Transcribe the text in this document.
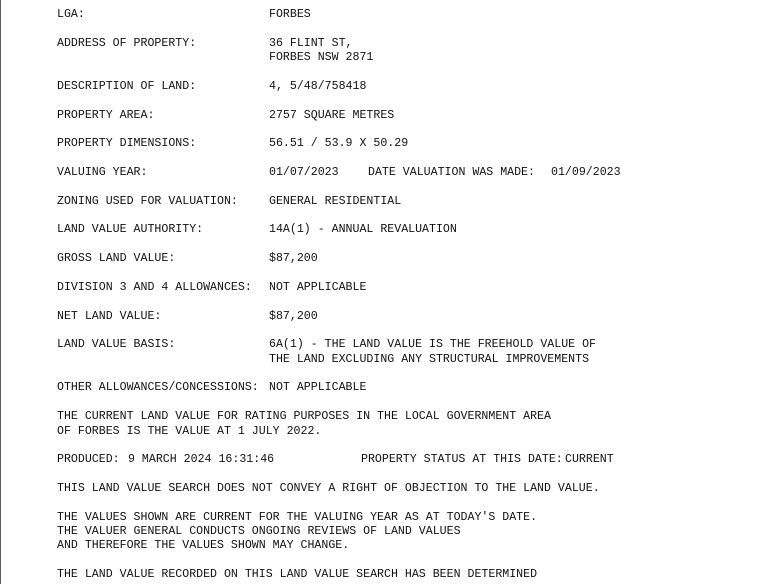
LGA:	FORBES
ADDRESS OF PROPERTY:	36 FLINT ST,
FORBES NSW 2871
DESCRIPTION OF LAND:	4, 5/48/758418
PROPERTY AREA:	2757 SQUARE METRES
PROPERTY DIMENSIONS:	56.51 / 53.9 X 50.29
VALUING YEAR:	01/07/2023	DATE VALUATION WAS MADE: 01/09/2023
ZONING USED FOR VALUATION:	GENERAL RESIDENTIAL
LAND VALUE AUTHORITY:	14A(1) - ANNUAL REVALUATION
GROSS LAND VALUE:	$87,200
DIVISION 3 AND 4 ALLOWANCES: NOT APPLICABLE
NET LAND VALUE:	$87,200
LAND VALUE BASIS:	6A(1) - THE LAND VALUE IS THE FREEHOLD VALUE OF
THE LAND EXCLUDING ANY STRUCTURAL IMPROVEMENTS
OTHER ALLOWANCES/CONCESSIONS: NOT APPLICABLE
THE CURRENT LAND VALUE FOR RATING PURPOSES IN THE LOCAL GOVERNMENT AREA
OF FORBES IS THE VALUE AT 1 JULY 2022.
PRODUCED: 9 MARCH 2024 16:31:46	PROPERTY STATUS AT THIS DATE: CURRENT
THIS LAND VALUE SEARCH DOES NOT CONVEY A RIGHT OF OBJECTION TO THE LAND VALUE.
THE VALUES SHOWN ARE CURRENT FOR THE VALUING YEAR AS AT TODAY'S DATE.
THE VALUER GENERAL CONDUCTS ONGOING REVIEWS OF LAND VALUES
AND THEREFORE THE VALUES SHOWN MAY CHANGE.
THE LAND VALUE RECORDED ON THIS LAND VALUE SEARCH HAS BEEN DETERMINED
